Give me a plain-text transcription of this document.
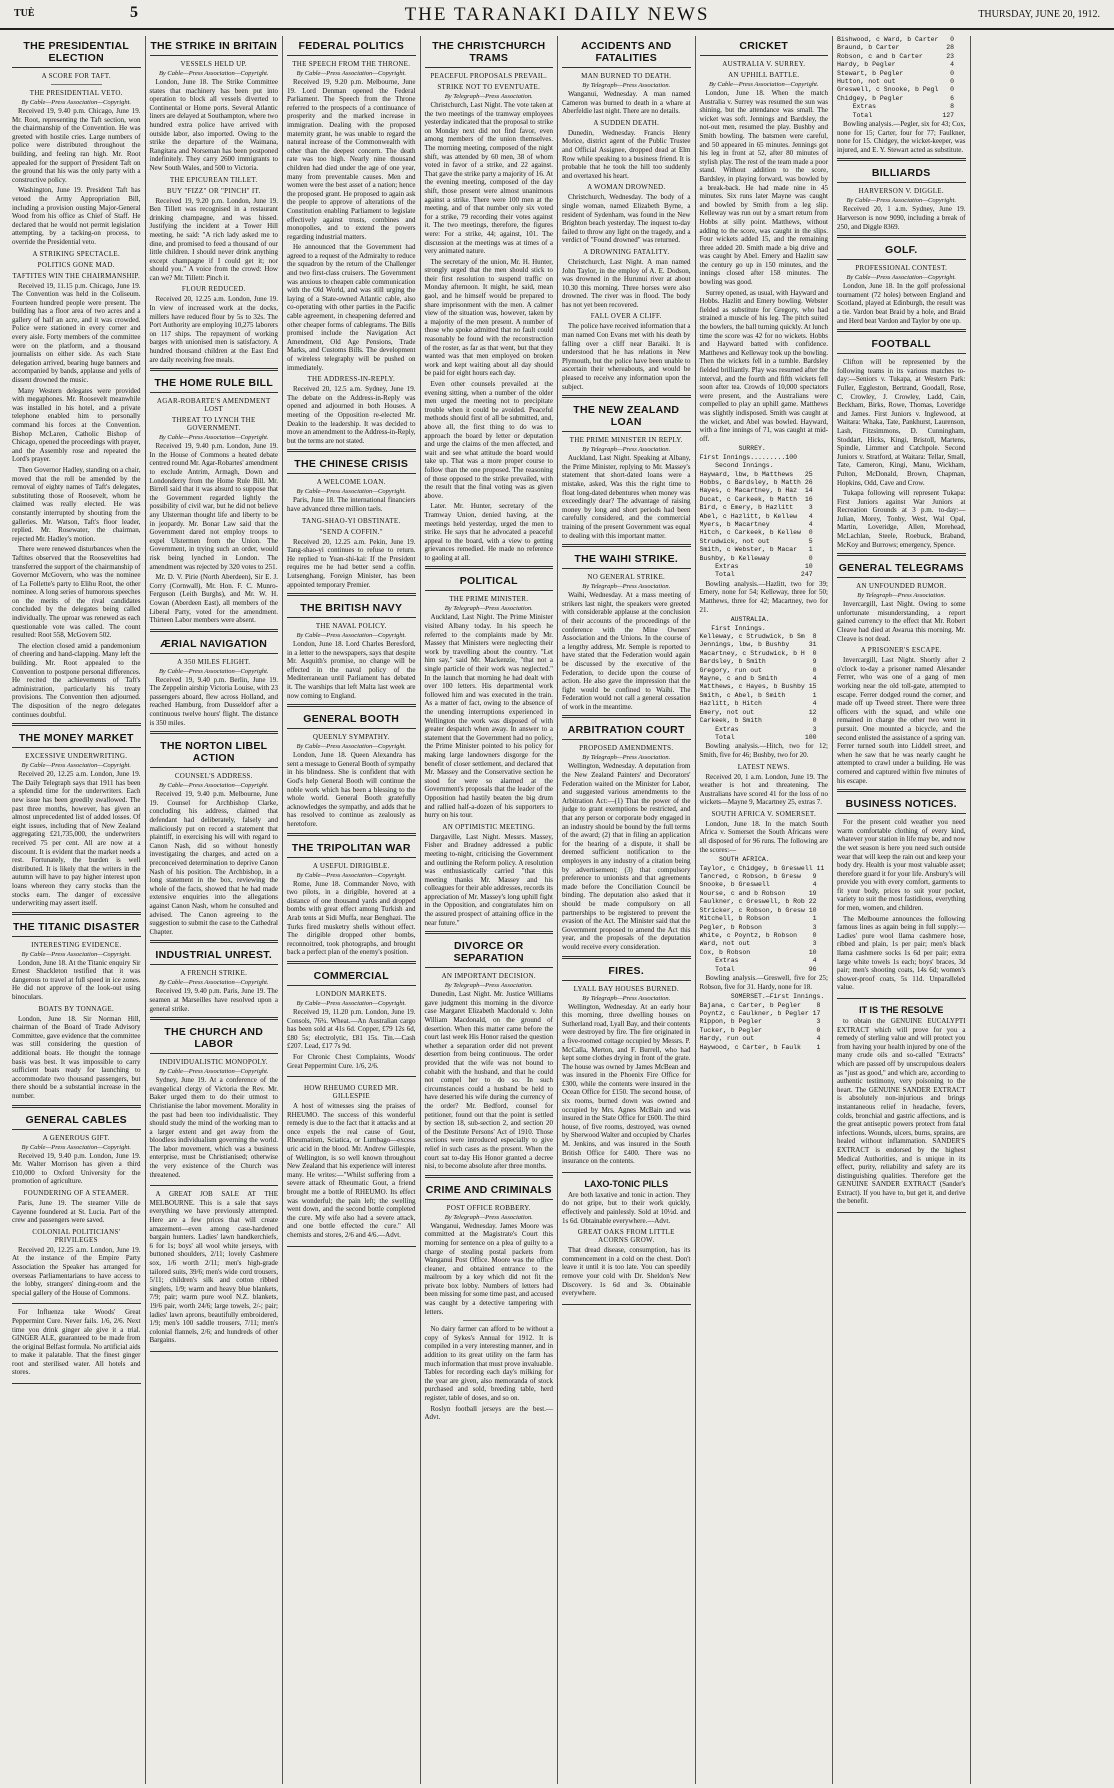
TUÈ	5	THE TARANAKI DAILY NEWS	THURSDAY, JUNE 20, 1912.
THE PRESIDENTIAL ELECTION
A SCORE FOR TAFT.
THE PRESIDENTIAL VETO.
By Cable—Press Association—Copyright.

Received 19, 9.40 p.m. Chicago, June 19. Mr. Root, representing the Taft section, won the chairmanship of the Convention. He was greeted with hostile cries. Large numbers of police were distributed throughout the building, and feeling ran high. Mr. Root appealed for the support of President Taft on the ground that his was the only party with a constructive policy.

Washington, June 19. President Taft has vetoed the Army Appropriation Bill, including a provision ousting Major-General Wood from his office as Chief of Staff. He declared that he would not permit legislation attempting, by a tacking-on process, to override the Presidential veto.

A STRIKING SPECTACLE.
POLITICS GONE MAD.
TAFTITES WIN THE CHAIRMANSHIP.

Received 19, 11.15 p.m. Chicago, June 19. The Convention was held in the Coliseum. Fourteen hundred people were present. The building has a floor area of two acres and a gallery of half an acre, and it was crowded. Police were stationed in every corner and every aisle. Forty members of the committee were on the platform, and a thousand journalists on either side. As each State delegation arrived, bearing huge banners and accompanied by bands, applause and yells of dissent drowned the music.

Many Western delegates were provided with megaphones. Mr. Roosevelt meanwhile was installed in his hotel, and a private telephone enabled him to personally command his forces at the Convention. Bishop McLaren, Catholic Bishop of Chicago, opened the proceedings with prayer, and the Assembly rose and repeated the Lord's prayer.

Then Governor Hadley, standing on a chair, moved that the roll be amended by the removal of eighty names of Taft's delegates, substituting those of Roosevelt, whom he claimed was really elected. He was constantly interrupted by shouting from the galleries. Mr. Watson, Taft's floor leader, replied. Mr. Rosewater, the chairman, rejected Mr. Hadley's motion.

There were renewed disturbances when the Taftites observed that the Rooseveltites had transferred the support of the chairmanship of Governor McGovern, who was the nominee of La Follette's party to Elihu Root, the other nominee. A long series of humorous speeches on the merits of the rival candidates concluded by the delegates being called individually. The uproar was renewed as each questionable vote was called. The count resulted: Root 558, McGovern 502.

The election closed amid a pandemonium of cheering and hand-clapping. Many left the building. Mr. Root appealed to the Convention to postpone personal differences. He recited the achievements of Taft's administration, particularly his treaty provisions. The Convention then adjourned. The disposition of the negro delegates continues doubtful.

THE MONEY MARKET
EXCESSIVE UNDERWRITING.
By Cable—Press Association—Copyright.

Received 20, 12.25 a.m. London, June 19. The Daily Telegraph says that 1911 has been a splendid time for the underwriters. Each new issue has been greedily swallowed. The past three months, however, has given an almost unprecedented list of added losses. Of eight issues, including that of New Zealand aggregating £21,735,000, the underwriters received 75 per cent. All are now at a discount. It is evident that the market needs a rest. Fortunately, the burden is well distributed. It is likely that the writers in the autumn will have to pay higher interest upon loans whereon they carry stocks than the stocks earn. The danger of excessive underwriting may assert itself.

THE TITANIC DISASTER
INTERESTING EVIDENCE.
By Cable—Press Association—Copyright.

London, June 18. At the Titanic enquiry Sir Ernest Shackleton testified that it was dangerous to travel at full speed in ice zones. He did not approve of the look-out using binoculars.

BOATS BY TONNAGE.

London, June 18. Sir Norman Hill, chairman of the Board of Trade Advisory Committee, gave evidence that the committee was still considering the question of additional boats. He thought the tonnage basis was best. It was impossible to carry sufficient boats ready for launching to accommodate two thousand passengers, but there should be a substantial increase in the number.

GENERAL CABLES
A GENEROUS GIFT.
By Cable—Press Association—Copyright.

Received 19, 9.40 p.m. London, June 19. Mr. Walter Morrison has given a third £10,000 to Oxford University for the promotion of agriculture.

FOUNDERING OF A STEAMER.

Paris, June 19. The steamer Ville de Cayenne foundered at St. Lucia. Part of the crew and passengers were saved.

COLONIAL POLITICIANS' PRIVILEGES

Received 20, 12.25 a.m. London, June 19. At the instance of the Empire Party Association the Speaker has arranged for overseas Parliamentarians to have access to the lobby, strangers' dining-room and the special gallery of the House of Commons.

For Influenza take Woods' Great Peppermint Cure. Never fails. 1/6, 2/6. Next time you drink ginger ale give it a trial. GINGER ALE, guaranteed to be made from the original Belfast formula. No artificial aids to make it palatable. That the finest ginger root and sterilised water. All hotels and stores.

THE STRIKE IN BRITAIN
VESSELS HELD UP.
By Cable—Press Association—Copyright.

London, June 18. The Strike Committee states that machinery has been put into operation to block all vessels diverted to Continental or Home ports. Several Atlantic liners are delayed at Southampton, where two hundred extra police have arrived with outside labor, also imported. Owing to the strike the departure of the Waimana, Rangitara and Norseman has been postponed indefinitely. They carry 2600 immigrants to New South Wales, and 500 to Victoria.

THE EPICUREAN TILLET.
BUY "FIZZ" OR "PINCH" IT.

Received 19, 9.20 p.m. London, June 19. Ben Tillett was recognised in a restaurant drinking champagne, and was hissed. Justifying the incident at a Tower Hill meeting, he said: "A rich lady asked me to dine, and promised to feed a thousand of our little children. I should never drink anything except champagne if I could get it; nor should you." A voice from the crowd: How can we? Mr. Tillett: Pinch it.

FLOUR REDUCED.

Received 20, 12.25 a.m. London, June 19. In view of increased work at the docks, millers have reduced flour by 5s to 32s. The Port Authority are employing 10,275 laborers on 117 ships. The repayment of working barges with unionised men is satisfactory. A hundred thousand children at the East End are daily receiving free meals.

THE HOME RULE BILL
AGAR-ROBARTE'S AMENDMENT LOST
THREAT TO LYNCH THE GOVERNMENT.
By Cable—Press Association—Copyright.

Received 19, 9.40 p.m. London, June 19. In the House of Commons a heated debate centred round Mr. Agar-Robartes' amendment to exclude Antrim, Armagh, Down and Londonderry from the Home Rule Bill. Mr. Birrell said that it was absurd to suppose that the Government regarded lightly the possibility of civil war, but he did not believe any Ulsterman thought life and liberty to be in jeopardy. Mr. Bonar Law said that the Government dared not employ troops to expel Ulstermen from the Union. The Government, in trying such an order, would risk being lynched in London. The amendment was rejected by 320 votes to 251.

Mr. D. V. Pirie (North Aberdeen), Sir E. J. Corry (Cornwall), Mr. Hon. F. C. Munro-Ferguson (Leith Burghs), and Mr. W. H. Cowan (Aberdeen East), all members of the Liberal Party, voted for the amendment. Thirteen Labor members were absent.

ÆRIAL NAVIGATION
A 350 MILES FLIGHT.
By Cable—Press Association—Copyright.

Received 19, 9.40 p.m. Berlin, June 19. The Zeppelin airship Victoria Louise, with 23 passengers aboard, flew across Holland, and reached Hamburg, from Dusseldorf after a continuous twelve hours' flight. The distance is 350 miles.

THE NORTON LIBEL ACTION
COUNSEL'S ADDRESS.
By Cable—Press Association—Copyright.

Received 19, 9.40 p.m. Melbourne, June 19. Counsel for Archbishop Clarke, concluding his address, claimed that defendant had deliberately, falsely and maliciously put on record a statement that plaintiff, in exercising his will with regard to Canon Nash, did so without honestly investigating the charges, and acted on a preconceived determination to deprive Canon Nash of his position. The Archbishop, in a long statement in the box, reviewing the whole of the facts, showed that he had made extensive enquiries into the allegations against Canon Nash, whom he consulted and advised. The Canon agreeing to the suggestion to submit the case to the Cathedral Chapter.

INDUSTRIAL UNREST.
A FRENCH STRIKE.
By Cable—Press Association—Copyright.

Received 19, 9.40 p.m. Paris, June 19. The seamen at Marseilles have resolved upon a general strike.

THE CHURCH AND LABOR
INDIVIDUALISTIC MONOPOLY.
By Cable—Press Association—Copyright.

Sydney, June 19. At a conference of the evangelical clergy of Victoria the Rev. Mr. Baker urged them to do their utmost to Christianise the labor movement. Morality in the past had been too individualistic. They should study the mind of the working man to a larger extent and get away from the bloodless individualism governing the world. The labor movement, which was a business enterprise, must be Christianised; otherwise the very existence of the Church was threatened.

A GREAT JOB SALE AT THE MELBOURNE. This is a sale that says everything we have previously attempted. Here are a few prices that will create amazement—even among case-hardened bargain hunters. Ladies' lawn handkerchiefs, 6 for 1s; boys' all wool white jerseys, with buttoned shoulders, 2/11; lovely Cashmere sox, 1/6 worth 2/11; men's high-grade tailored suits, 39/6; men's wide cord trousers, 5/11; children's silk and cotton ribbed singlets, 1/9; warm and heavy blue blankets, 7/9; pair; warm pure wool N.Z. blankets, 19/6 pair, worth 24/6; large towels, 2/-; pair; ladies' lawn aprons, beautifully embroidered, 1/9; men's 100 saddle trousers, 7/11; men's colonial flannels, 2/6; and hundreds of other Bargains.

FEDERAL POLITICS
THE SPEECH FROM THE THRONE.
By Cable—Press Association—Copyright.

Received 19, 9.20 p.m. Melbourne, June 19. Lord Denman opened the Federal Parliament. The Speech from the Throne referred to the prospects of a continuance of prosperity and the marked increase in immigration. Dealing with the proposed maternity grant, he was unable to regard the natural increase of the Commonwealth with other than the deepest concern. The death rate was too high. Nearly nine thousand children had died under the age of one year, many from preventable causes. Men and women were the best asset of a nation; hence the proposed grant. He proposed to again ask the people to approve of alterations of the Constitution enabling Parliament to legislate effectively against trusts, combines and monopolies, and to extend the powers regarding industrial matters.

He announced that the Government had agreed to a request of the Admiralty to reduce the squadron by the return of the Challenger and two first-class cruisers. The Government was anxious to cheapen cable communication with the Old World, and was still urging the laying of a State-owned Atlantic cable, also co-operating with other parties in the Pacific cable agreement, in cheapening deferred and other cheaper forms of cablegrams. The Bills promised include the Navigation Act Amendment, Old Age Pensions, Trade Marks, and Customs Bills. The development of wireless telegraphy will be pushed on immediately.

THE ADDRESS-IN-REPLY.

Received 20, 12.5 a.m. Sydney, June 19. The debate on the Address-in-Reply was opened and adjourned in both Houses. A meeting of the Opposition re-elected Mr. Deakin to the leadership. It was decided to move an amendment to the Address-in-Reply, but the terms are not stated.

THE CHINESE CRISIS
A WELCOME LOAN.
By Cable—Press Association—Copyright.

Paris, June 18. The international financiers have advanced three million taels.

TANG-SHAO-YI OBSTINATE.
"SEND A COFFIN."

Received 20, 12.25 a.m. Pekin, June 19. Tang-shao-yi continues to refuse to return. He replied to Yuan-shi-kai: If the President requires me he had better send a coffin. Lutsenghang, Foreign Minister, has been appointed temporary Premier.

THE BRITISH NAVY
THE NAVAL POLICY.
By Cable—Press Association—Copyright.

London, June 18. Lord Charles Beresford, in a letter to the newspapers, says that despite Mr. Asquith's promise, no change will be effected in the naval policy of the Mediterranean until Parliament has debated it. The warships that left Malta last week are now coming to England.

GENERAL BOOTH
QUEENLY SYMPATHY.
By Cable—Press Association—Copyright.

London, June 18. Queen Alexandra has sent a message to General Booth of sympathy in his blindness. She is confident that with God's help General Booth will continue the noble work which has been a blessing to the whole world. General Booth gratefully acknowledges the sympathy, and adds that he has resolved to continue as zealously as heretofore.

THE TRIPOLITAN WAR
A USEFUL DIRIGIBLE.
By Cable—Press Association—Copyright.

Rome, June 18. Commander Novo, with two pilots, in a dirigible, hovered at a distance of one thousand yards and dropped bombs with great effect among Turkish and Arab tents at Sidi Muffa, near Benghazi. The Turks fired musketry shells without effect. The dirigible dropped other bombs, reconnoitred, took photographs, and brought back a perfect plan of the enemy's position.

COMMERCIAL
LONDON MARKETS.
By Cable—Press Association—Copyright.

Received 19, 11.20 p.m. London, June 19. Consols, 76¾. Wheat.—An Australian cargo has been sold at 41s 6d. Copper, £79 12s 6d, £80 5s; electrolytic, £81 15s. Tin.—Cash £207. Lead, £17 7s 9d.

For Chronic Chest Complaints, Woods' Great Peppermint Cure. 1/6, 2/6.

HOW RHEUMO CURED MR. GILLESPIE

A host of witnesses sing the praises of RHEUMO. The success of this wonderful remedy is due to the fact that it attacks and at once expels the real cause of Gout, Rheumatism, Sciatica, or Lumbago—excess uric acid in the blood. Mr. Andrew Gillespie, of Wellington, is so well known throughout New Zealand that his experience will interest many. He writes:—"Whilst suffering from a severe attack of Rheumatic Gout, a friend brought me a bottle of RHEUMO. Its effect was wonderful; the pain left; the swelling went down, and the second bottle completed the cure. My wife also had a severe attack, and one bottle effected the cure." All chemists and stores, 2/6 and 4/6.—Advt.

THE CHRISTCHURCH TRAMS
PEACEFUL PROPOSALS PREVAIL.
STRIKE NOT TO EVENTUATE.
By Telegraph—Press Association.

Christchurch, Last Night. The vote taken at the two meetings of the tramway employees yesterday indicated that the proposal to strike on Monday next did not find favor, even among members of the union themselves. The morning meeting, composed of the night shift, was attended by 60 men, 38 of whom voted in favor of a strike, and 22 against. That gave the strike party a majority of 16. At the evening meeting, composed of the day shift, those present were almost unanimous against a strike. There were 100 men at the meeting, and of that number only six voted for a strike, 79 recording their votes against it. The two meetings, therefore, the figures were: For a strike, 44; against, 101. The discussion at the meetings was at times of a very animated nature.

The secretary of the union, Mr. H. Hunter, strongly urged that the men should stick to their first resolution to suspend traffic on Monday afternoon. It might, he said, mean gaol, and he himself would be prepared to share imprisonment with the men. A calmer view of the situation was, however, taken by a majority of the men present. A number of those who spoke admitted that no fault could reasonably be found with the reconstruction of the roster, as far as that went, but that they wanted was that men employed on broken work and kept waiting about all day should be paid for eight hours each day.

Even other counsels prevailed at the evening sitting, when a number of the older men urged the meeting not to precipitate trouble when it could be avoided. Peaceful methods should first of all be submitted, and, above all, the first thing to do was to approach the board by letter or deputation and urge the claims of the men affected, and wait and see what attitude the board would take up. That was a more proper course to follow than the one proposed. The reasoning of those opposed to the strike prevailed, with the result that the final voting was as given above.

Later. Mr. Hunter, secretary of the Tramway Union, denied having, at the meetings held yesterday, urged the men to strike. He says that he advocated a peaceful appeal to the board, with a view to getting grievances remedied. He made no reference to gaoling at all.

POLITICAL
THE PRIME MINISTER.
By Telegraph—Press Association.

Auckland, Last Night. The Prime Minister visited Albany today. In his speech he referred to the complaints made by Mr. Massey that Ministers were neglecting their work by travelling about the country. "Let him say," said Mr. Mackenzie, "that not a single particle of their work was neglected." In the launch that morning he had dealt with over 100 letters. His departmental work followed him and was executed in the train. As a matter of fact, owing to the absence of the unending interruptions experienced in Wellington the work was disposed of with greater despatch when away. In answer to a statement that the Government had no policy, the Prime Minister pointed to his policy for making large landowners disgorge for the benefit of closer settlement, and declared that Mr. Massey and the Conservative section he stood for were so alarmed at the Government's proposals that the leader of the Opposition had hastily beaten the big drum and rallied half-a-dozen of his supporters to hurry on his tour.

AN OPTIMISTIC MEETING.

Dargaville, Last Night. Messrs. Massey, Fisher and Bradney addressed a public meeting to-night, criticising the Government and outlining the Reform policy. A resolution was enthusiastically carried "that this meeting thanks Mr. Massey and his colleagues for their able addresses, records its appreciation of Mr. Massey's long uphill fight in the Opposition, and congratulates him on the assured prospect of attaining office in the near future."

DIVORCE OR SEPARATION
AN IMPORTANT DECISION.
By Telegraph—Press Association.

Dunedin, Last Night. Mr. Justice Williams gave judgment this morning in the divorce case Margaret Elizabeth Macdonald v. John William Macdonald, on the ground of desertion. When this matter came before the court last week His Honor raised the question whether a separation order did not prevent desertion from being continuous. The order provided that the wife was not bound to cohabit with the husband, and that he could not compel her to do so. In such circumstances could a husband be held to have deserted his wife during the currency of the order? Mr. Bedford, counsel for petitioner, found out that the point is settled by section 18, sub-section 2, and section 20 of the Destitute Persons' Act of 1910. Those sections were introduced especially to give relief in such cases as the present. When the court sat to-day His Honor granted a decree nisi, to become absolute after three months.

CRIME AND CRIMINALS
POST OFFICE ROBBERY.
By Telegraph—Press Association.

Wanganui, Wednesday. James Moore was committed at the Magistrate's Court this morning for sentence on a plea of guilty to a charge of stealing postal packets from Wanganui Post Office. Moore was the office cleaner, and obtained entrance to the mailroom by a key which did not fit the private box lobby. Numbers of letters had been missing for some time past, and accused was caught by a detective tampering with letters.

No dairy farmer can afford to be without a copy of Sykes's Annual for 1912. It is compiled in a very interesting manner, and in addition to its great utility on the farm has much information that must prove invaluable. Tables for recording each day's milking for the year are given, also memoranda of stock purchased and sold, breeding table, herd register, table of doses, and so on.

Roslyn football jerseys are the best.—Advt.

ACCIDENTS AND FATALITIES
MAN BURNED TO DEATH.
By Telegraph—Press Association.

Wanganui, Wednesday. A man named Cameron was burned to death in a whare at Aberfeldie last night. There are no details.

A SUDDEN DEATH.

Dunedin, Wednesday. Francis Henry Morice, district agent of the Public Trustee and Official Assignee, dropped dead at Elm Row while speaking to a business friend. It is probable that he took the hill too suddenly and overtaxed his heart.

A WOMAN DROWNED.

Christchurch, Wednesday. The body of a single woman, named Elizabeth Byrne, a resident of Sydenham, was found in the New Brighton beach yesterday. The inquest to-day failed to throw any light on the tragedy, and a verdict of "Found drowned" was returned.

A DROWNING FATALITY.

Christchurch, Last Night. A man named John Taylor, in the employ of A. E. Dodson, was drowned in the Hurunui river at about 10.30 this morning. Three horses were also drowned. The river was in flood. The body has not yet been recovered.

FALL OVER A CLIFF.

The police have received information that a man named Con Evans met with his death by falling over a cliff near Baraiki. It is understood that he has relations in New Plymouth, but the police have been unable to ascertain their whereabouts, and would be pleased to receive any information upon the subject.

THE NEW ZEALAND LOAN
THE PRIME MINISTER IN REPLY.
By Telegraph—Press Association.

Auckland, Last Night. Speaking at Albany, the Prime Minister, replying to Mr. Massey's statement that short-dated loans were a mistake, asked, Was this the right time to float long-dated debentures when money was exceedingly dear? The advantage of raising money by long and short periods had been carefully considered, and the commercial training of the present Government was equal to dealing with this important matter.

THE WAIHI STRIKE.
NO GENERAL STRIKE.
By Telegraph—Press Association.

Waihi, Wednesday. At a mass meeting of strikers last night, the speakers were greeted with considerable applause at the conclusion of their accounts of the proceedings of the conference with the Mine Owners' Association and the Unions. In the course of a lengthy address, Mr. Semple is reported to have stated that the Federation would again be discussed by the executive of the Federation, to decide upon the course of action. He also gave the impression that the fight would be confined to Waihi. The Federation would not call a general cessation of work in the meantime.

ARBITRATION COURT
PROPOSED AMENDMENTS.
By Telegraph—Press Association.

Wellington, Wednesday. A deputation from the New Zealand Painters' and Decorators' Federation waited on the Minister for Labor, and suggested various amendments to the Arbitration Act:—(1) That the power of the judge to grant exemptions be restricted, and that any person or corporate body engaged in an industry should be bound by the full terms of the award; (2) that in filing an application for the hearing of a dispute, it shall be deemed sufficient notification to the employers in any industry of a citation being by advertisement; (3) that compulsory preference to unionists and that agreements made before the Conciliation Council be binding. The deputation also asked that it should be made compulsory on all partnerships to be registered to prevent the evasion of the Act. The Minister said that the Government proposed to amend the Act this year, and the proposals of the deputation would receive every consideration.

FIRES.
LYALL BAY HOUSES BURNED.
By Telegraph—Press Association.

Wellington, Wednesday. At an early hour this morning, three dwelling houses on Sutherland road, Lyall Bay, and their contents were destroyed by fire. The fire originated in a five-roomed cottage occupied by Messrs. P. McCalla, Merton, and F. Burrell, who had kept some clothes drying in front of the grate. The house was owned by James McBean and was insured in the Phoenix Fire Office for £300, while the contents were insured in the Ocean Office for £150. The second house, of six rooms, burned down was owned and occupied by Mrs. Agnes McBain and was insured in the State Office for £600. The third house, of five rooms, destroyed, was owned by Sherwood Walter and occupied by Charles M. Jenkins, and was insured in the South British Office for £400. There was no insurance on the contents.

LAXO-TONIC PILLS

Are both laxative and tonic in action. They do not gripe, but to their work quickly, effectively and painlessly. Sold at 10½d. and 1s 6d. Obtainable everywhere.—Advt.

GREAT OAKS FROM LITTLE ACORNS GROW.

That dread disease, consumption, has its commencement in a cold on the chest. Don't leave it until it is too late. You can speedily remove your cold with Dr. Sheldon's New Discovery. 1s 6d and 3s. Obtainable everywhere.

CRICKET
AUSTRALIA V. SURREY.
AN UPHILL BATTLE.
By Cable—Press Association—Copyright.

London, June 18. When the match Australia v. Surrey was resumed the sun was shining, but the attendance was small. The wicket was soft. Jennings and Bardsley, the not-out men, resumed the play. Bushby and Smith bowling. The batsmen were careful, and 50 appeared in 65 minutes. Jennings got his leg in front at 52, after 80 minutes of stylish play. The rest of the team made a poor stand. Without addition to the score, Bardsley, in playing forward, was bowled by a break-back. He had made nine in 45 minutes. Six runs later Mayne was caught and bowled by Smith from a leg slip. Kelleway was run out by a smart return from Hobbs at silly point. Matthews, without adding to the score, was caught in the slips. Four wickets added 15, and the remaining three added 20. Smith made a big drive and was caught by Abel. Emery and Hazlitt saw the century go up in 150 minutes, and the innings closed after 158 minutes. The bowling was good.

Surrey opened, as usual, with Hayward and Hobbs. Hazlitt and Emery bowling. Webster fielded as substitute for Gregory, who had strained a muscle of his leg. The pitch suited the bowlers, the ball turning quickly. At lunch time the score was 42 for no wickets. Hobbs and Hayward batted with confidence. Matthews and Kelleway took up the bowling. Then the wickets fell in a tumble. Bardsley fielded brilliantly. Play was resumed after the interval, and the fourth and fifth wickets fell soon after tea. Crowds of 10,000 spectators were present, and the Australians were compelled to play an uphill game. Matthews was slightly indisposed. Smith was caught at the wicket, and Abel was bowled. Hayward, with a fine innings of 71, was caught at mid-off.

SURREY.
First Innings.........100
Second Innings.
Hayward, lbw, b Matthews   25
Hobbs, c Bardsley, b Matth 26
Hayes, c Macartney, b Haz  14
Ducat, c Carkeek, b Matth  16
Bird, c Emery, b Hazlitt    3
Abel, c Hazlitt, b Kellew   4
Myers, b Macartney          4
Hitch, c Carkeek, b Kellew  0
Strudwick, not out          5
Smith, c Webster, b Macar   1
Bushby, b Kelleway          0
Extras                 10
Total                 247

Bowling analysis.—Hazlitt, two for 39; Emery, none for 54; Kelleway, three for 50; Matthews, three for 42; Macartney, two for 21.

AUSTRALIA.
First Innings.
Kelleway, c Strudwick, b Sm  8
Jennings, lbw, b Bushby     31
Macartney, c Strudwick, b H  0
Bardsley, b Smith            9
Gregory, run out             0
Mayne, c and b Smith         4
Matthews, c Hayes, b Bushby 15
Smith, c Abel, b Smith       1
Hazlitt, b Hitch             4
Emery, not out              12
Carkeek, b Smith             0
Extras                   3
Total                  100

Bowling analysis.—Hitch, two for 12; Smith, five for 46; Bushby, two for 20.

LATEST NEWS.

Received 20, 1 a.m. London, June 19. The weather is hot and threatening. The Australians have scored 41 for the loss of no wickets—Mayne 9, Macartney 25, extras 7.

SOUTH AFRICA V. SOMERSET.

London, June 18. In the match South Africa v. Somerset the South Africans were all disposed of for 96 runs. The following are the scores:—

SOUTH AFRICA.
Taylor, c Chidgey, b Greswell 11
Tancred, c Robson, b Gresw   9
Snooke, b Greswell           4
Nourse, c and b Robson      19
Faulkner, c Greswell, b Rob 22
Stricker, c Robson, b Gresw 10
Mitchell, b Robson           1
Pegler, b Robson             3
White, c Poyntz, b Robson    0
Ward, not out                3
Cox, b Robson               10
Extras                   4
Total                   96

Bowling analysis.—Greswell, five for 25; Robson, five for 31. Hardy, none for 18.

SOMERSET.—First Innings.
Bajana, c Carter, b Pegler    8
Poyntz, c Faulkner, b Pegler 17
Rippon, b Pegler              3
Tucker, b Pegler              0
Hardy, run out                4
Haywood, c Carter, b Faulk    1
Bishwood, c Ward, b Carter   0
Braund, b Carter            28
Robson, c and b Carter      23
Hardy, b Pegler              4
Stewart, b Pegler            0
Hutton, not out              0
Greswell, c Snooke, b Pegl   0
Chidgey, b Pegler            6
Extras                   8
Total                  127

Bowling analysis.—Pegler, six for 43; Cox, none for 15; Carter, four for 77; Faulkner, none for 15. Chidgey, the wicket-keeper, was injured, and E. Y. Stewart acted as substitute.

BILLIARDS
HARVERSON V. DIGGLE.
By Cable—Press Association—Copyright.

Received 20, 1 a.m. Sydney, June 19. Harverson is now 9090, including a break of 250, and Diggle 8369.

GOLF.
PROFESSIONAL CONTEST.
By Cable—Press Association—Copyright.

London, June 18. In the golf professional tournament (72 holes) between England and Scotland, played at Edinburgh, the result was a tie. Vardon beat Braid by a hole, and Braid and Herd beat Vardon and Taylor by one up.

FOOTBALL

Clifton will be represented by the following teams in its various matches to-day:—Seniors v. Tukapa, at Western Park: Fuller, Eggleston, Bertrand, Goodall, Rose, C. Crowley, J. Crowley, Ladd, Cain, Beckham, Birks, Rowe, Thomas, Loveridge and James. First Juniors v. Inglewood, at Waitara: Whaka, Tate, Pankhurst, Laurenson, Lash, Fitzsimmons, D. Cunningham, Stoddart, Hicks, Kingi, Bristoll, Martens, Spindle, Limmer and Catchpole. Second Juniors v. Stratford, at Waitara: Tellar, Small, Tate, Cameron, Kingi, Manu, Wickham, Pulton, McDonald, Brown, Chapman, Hopkins, Odd, Cave and Crow.

Tukapa following will represent Tukapa: First Juniors against War Juniors at Recreation Grounds at 3 p.m. to-day:—Julian, Morey, Tonby, West, Wal Opal, Martin, Loveridge, Allen, Morehead, McLachlan, Steele, Roebuck, Braband, McKoy and Burrows; emergency, Spence.

GENERAL TELEGRAMS
AN UNFOUNDED RUMOR.
By Telegraph—Press Association.

Invercargill, Last Night. Owing to some unfortunate misunderstanding, a report gained currency to the effect that Mr. Robert Cleave had died at Awarua this morning. Mr. Cleave is not dead.

A PRISONER'S ESCAPE.

Invercargill, Last Night. Shortly after 2 o'clock to-day a prisoner named Alexander Ferrer, who was one of a gang of men working near the old toll-gate, attempted to escape. Ferrer dodged round the corner, and made off up Tweed street. There were three officers with the squad, and while one remained in charge the other two went in pursuit. One mounted a bicycle, and the second enlisted the assistance of a spring van. Ferrer turned south into Liddell street, and when he saw that he was nearly caught he attempted to crawl under a building. He was cornered and captured within five minutes of his escape.

BUSINESS NOTICES.

For the present cold weather you need warm comfortable clothing of every kind, whatever your station in life may be, and now the wet season is here you need such outside wear that will keep the rain out and keep your body dry. Health is your most valuable asset; therefore guard it for your life. Ansbury's will provide you with every comfort, garments to fit your body, prices to suit your pocket, variety to suit the most fastidious, everything for men, women, and children.

The Melbourne announces the following famous lines as again being in full supply:—Ladies' pure wool llama cashmere hose, ribbed and plain, 1s per pair; men's black llama cashmere socks 1s 6d per pair; extra large white towels 1s each; boys' braces, 3d pair; men's shooting coats, 14s 6d; women's shower-proof coats, 5s 11d. Unparalleled value.

IT IS THE RESOLVE

to obtain the GENUINE EUCALYPTI EXTRACT which will prove for you a remedy of sterling value and will protect you from having your health injured by one of the many crude oils and so-called "Extracts" which are passed off by unscrupulous dealers as "just as good," and which are, according to authentic testimony, very poisoning to the heart. The GENUINE SANDER EXTRACT is absolutely non-injurious and brings instantaneous relief in headache, fevers, colds, bronchial and gastric affections, and is the great antiseptic powers protect from fatal infections. Wounds, ulcers, burns, sprains, are healed without inflammation. SANDER'S EXTRACT is endorsed by the highest Medical Authorities, and is unique in its effect, purity, reliability and safety are its distinguishing qualities. Therefore get the GENUINE SANDER EXTRACT (Sander's Extract). If you have to, but get it, and derive the benefit.
